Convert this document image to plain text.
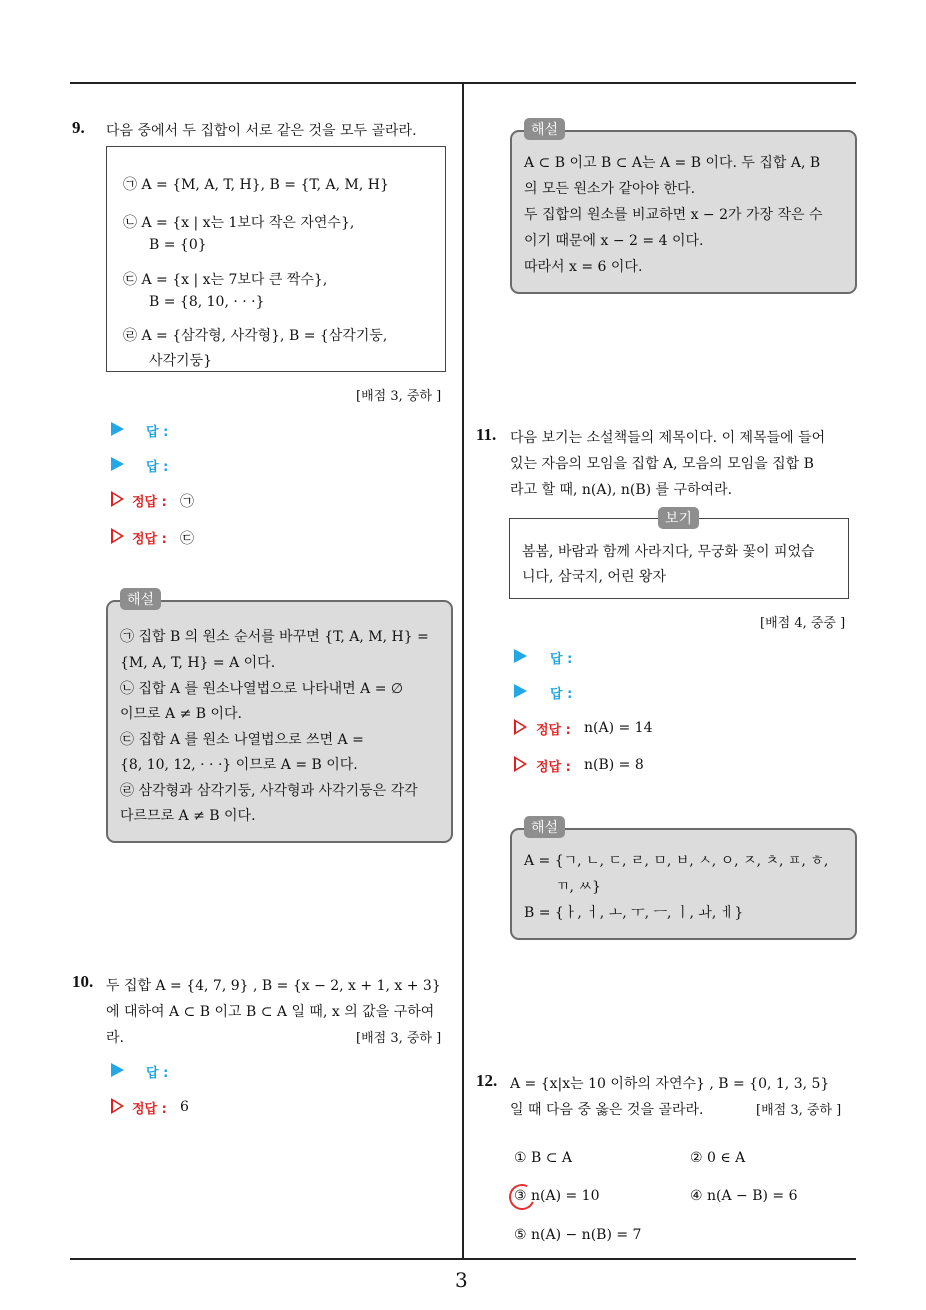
3
9. 다음 중에서 두 집합이 서로 같은 것을 모두 골라라.
㉠ A = {M, A, T, H}, B = {T, A, M, H}
㉡ A = {x | x는 1보다 작은 자연수},
B = {0}
㉢ A = {x | x는 7보다 큰 짝수},
B = {8, 10, · · ·}
㉣ A = {삼각형, 사각형}, B = {삼각기둥,
사각기둥}
[배점 3, 중하 ]
답 :
답 :
정답 : ㉠
정답 : ㉢
㉠ 집합 B 의 원소 순서를 바꾸면 {T, A, M, H} =
{M, A, T, H} = A 이다.
㉡ 집합 A 를 원소나열법으로 나타내면 A = ∅
이므로 A ≠ B 이다.
㉢ 집합 A 를 원소 나열법으로 쓰면 A =
{8, 10, 12, · · ·} 이므로 A = B 이다.
㉣ 삼각형과 삼각기둥, 사각형과 사각기둥은 각각
다르므로 A ≠ B 이다.
해설
10. 두 집합 A = {4, 7, 9} , B = {x − 2, x + 1, x + 3}
에 대하여 A ⊂ B 이고 B ⊂ A 일 때, x 의 값을 구하여
라.	[배점 3, 중하 ]
답 :
정답 : 6
A ⊂ B 이고 B ⊂ A는 A = B 이다. 두 집합 A, B
의 모든 원소가 같아야 한다.
두 집합의 원소를 비교하면 x − 2가 가장 작은 수
이기 때문에 x − 2 = 4 이다.
따라서 x = 6 이다.
해설
11. 다음 보기는 소설책들의 제목이다. 이 제목들에 들어
있는 자음의 모임을 집합 A, 모음의 모임을 집합 B
라고 할 때, n(A), n(B) 를 구하여라.
봄봄, 바람과 함께 사라지다, 무궁화 꽃이 피었습
니다, 삼국지, 어린 왕자
보기
[배점 4, 중중 ]
답 :
답 :
정답 : n(A) = 14
정답 : n(B) = 8
A = {ㄱ, ㄴ, ㄷ, ㄹ, ㅁ, ㅂ, ㅅ, ㅇ, ㅈ, ㅊ, ㅍ, ㅎ,
ㄲ, ㅆ}
B = {ㅏ, ㅓ, ㅗ, ㅜ, ㅡ, ㅣ, ㅘ, ㅔ}
해설
12. A = {x|x는 10 이하의 자연수} , B = {0, 1, 3, 5}
일 때 다음 중 옳은 것을 골라라.	[배점 3, 중하 ]
① B ⊂ A	② 0 ∈ A
③ n(A) = 10	④ n(A − B) = 6
⑤ n(A) − n(B) = 7
